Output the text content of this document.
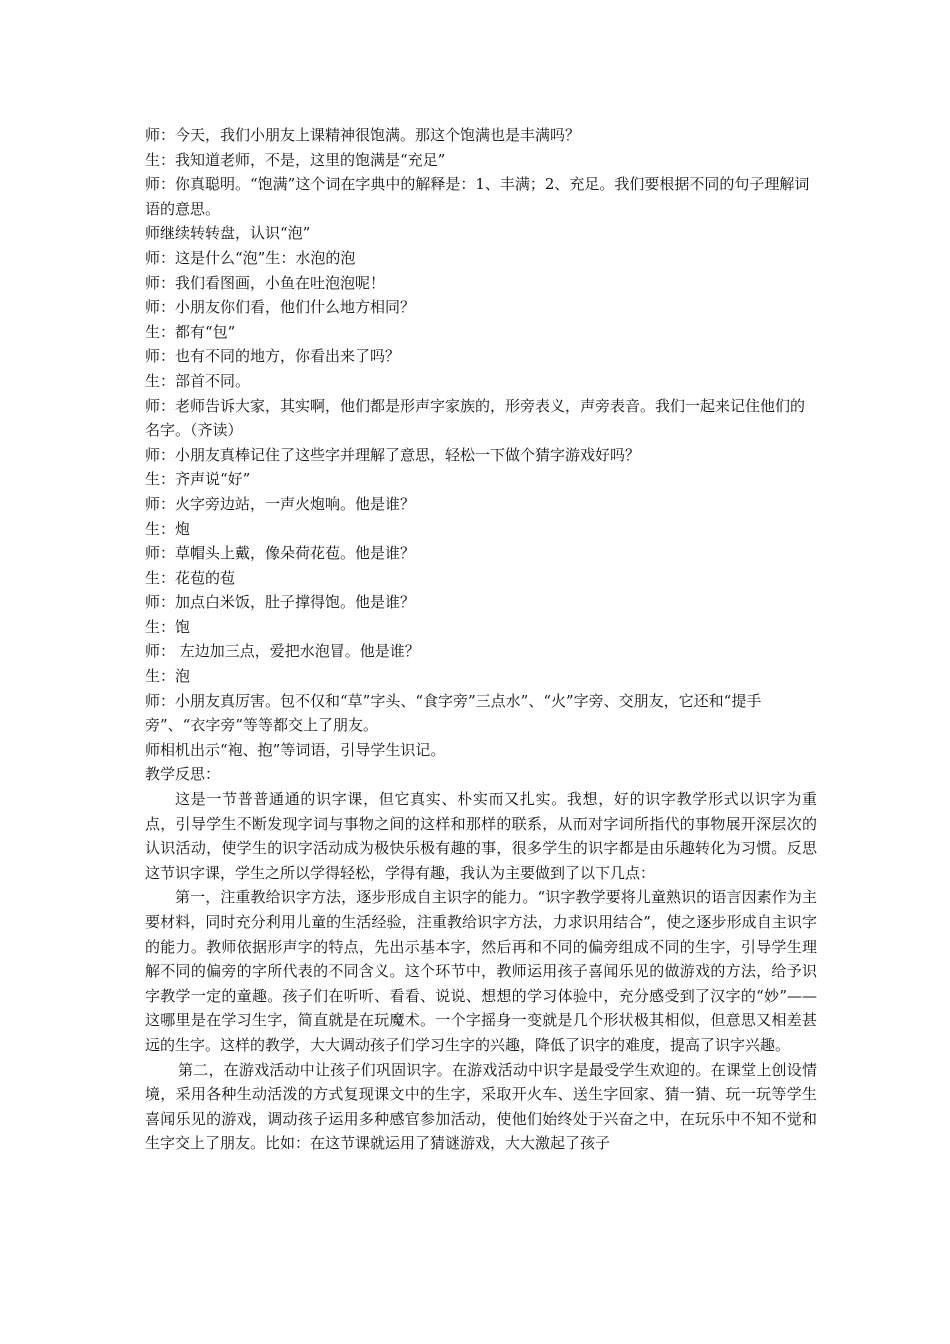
师：今天，我们小朋友上课精神很饱满。那这个饱满也是丰满吗？

生：我知道老师，不是，这里的饱满是“充足”

师：你真聪明。“饱满”这个词在字典中的解释是：1、丰满；2、充足。我们要根据不同的句子理解词语的意思。

师继续转转盘，认识“泡”

师：这是什么“泡”生：水泡的泡

师：我们看图画，小鱼在吐泡泡呢！

师：小朋友你们看，他们什么地方相同？

生：都有“包”

师：也有不同的地方，你看出来了吗？

生：部首不同。

师：老师告诉大家，其实啊，他们都是形声字家族的，形旁表义，声旁表音。我们一起来记住他们的名字。（齐读）

师：小朋友真棒记住了这些字并理解了意思，轻松一下做个猜字游戏好吗？

生：齐声说“好”

师：火字旁边站，一声火炮响。他是谁？

生：炮

师：草帽头上戴，像朵荷花苞。他是谁？

生：花苞的苞

师：加点白米饭，肚子撑得饱。他是谁？

生：饱

师： 左边加三点，爱把水泡冒。他是谁？

生：泡

师：小朋友真厉害。包不仅和“草”字头、“食字旁”三点水”、“火”字旁、交朋友，它还和“提手旁”、“衣字旁”等等都交上了朋友。

师相机出示“袍、抱”等词语，引导学生识记。

教学反思：

这是一节普普通通的识字课，但它真实、朴实而又扎实。我想，好的识字教学形式以识字为重点，引导学生不断发现字词与事物之间的这样和那样的联系，从而对字词所指代的事物展开深层次的认识活动，使学生的识字活动成为极快乐极有趣的事，很多学生的识字都是由乐趣转化为习惯。反思这节识字课，学生之所以学得轻松，学得有趣，我认为主要做到了以下几点：

第一，注重教给识字方法，逐步形成自主识字的能力。“识字教学要将儿童熟识的语言因素作为主要材料，同时充分利用儿童的生活经验，注重教给识字方法，力求识用结合”，使之逐步形成自主识字的能力。教师依据形声字的特点，先出示基本字，然后再和不同的偏旁组成不同的生字，引导学生理解不同的偏旁的字所代表的不同含义。这个环节中，教师运用孩子喜闻乐见的做游戏的方法，给予识字教学一定的童趣。孩子们在听听、看看、说说、想想的学习体验中，充分感受到了汉字的“妙”——这哪里是在学习生字，简直就是在玩魔术。一个字摇身一变就是几个形状极其相似，但意思又相差甚远的生字。这样的教学，大大调动孩子们学习生字的兴趣，降低了识字的难度，提高了识字兴趣。

第二，在游戏活动中让孩子们巩固识字。在游戏活动中识字是最受学生欢迎的。在课堂上创设情境，采用各种生动活泼的方式复现课文中的生字，采取开火车、送生字回家、猜一猜、玩一玩等学生喜闻乐见的游戏，调动孩子运用多种感官参加活动，使他们始终处于兴奋之中，在玩乐中不知不觉和生字交上了朋友。比如：在这节课就运用了猜谜游戏，大大激起了孩子
